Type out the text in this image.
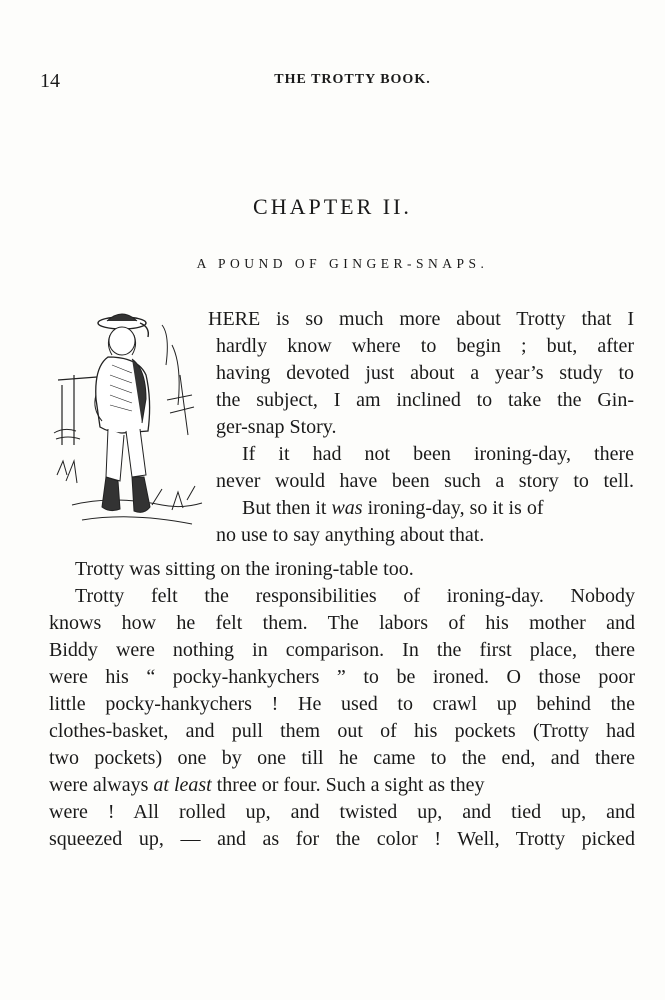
14	THE TROTTY BOOK.
CHAPTER II.
A POUND OF GINGER-SNAPS.
HERE is so much more about Trotty that I
hardly know where to begin ; but, after
having devoted just about a year’s study to
the subject, I am inclined to take the Gin-
ger-snap Story.
If it had not been ironing-day, there
never would have been such a story to tell.
But then it was ironing-day, so it is of
no use to say anything about that.
Trotty was sitting on the ironing-table too.
Trotty felt the responsibilities of ironing-day. Nobody
knows how he felt them. The labors of his mother and
Biddy were nothing in comparison. In the first place, there
were his “ pocky-hankychers ” to be ironed. O those poor
little pocky-hankychers ! He used to crawl up behind the
clothes-basket, and pull them out of his pockets (Trotty had
two pockets) one by one till he came to the end, and there
were always at least three or four. Such a sight as they
were ! All rolled up, and twisted up, and tied up, and
squeezed up, — and as for the color ! Well, Trotty picked
